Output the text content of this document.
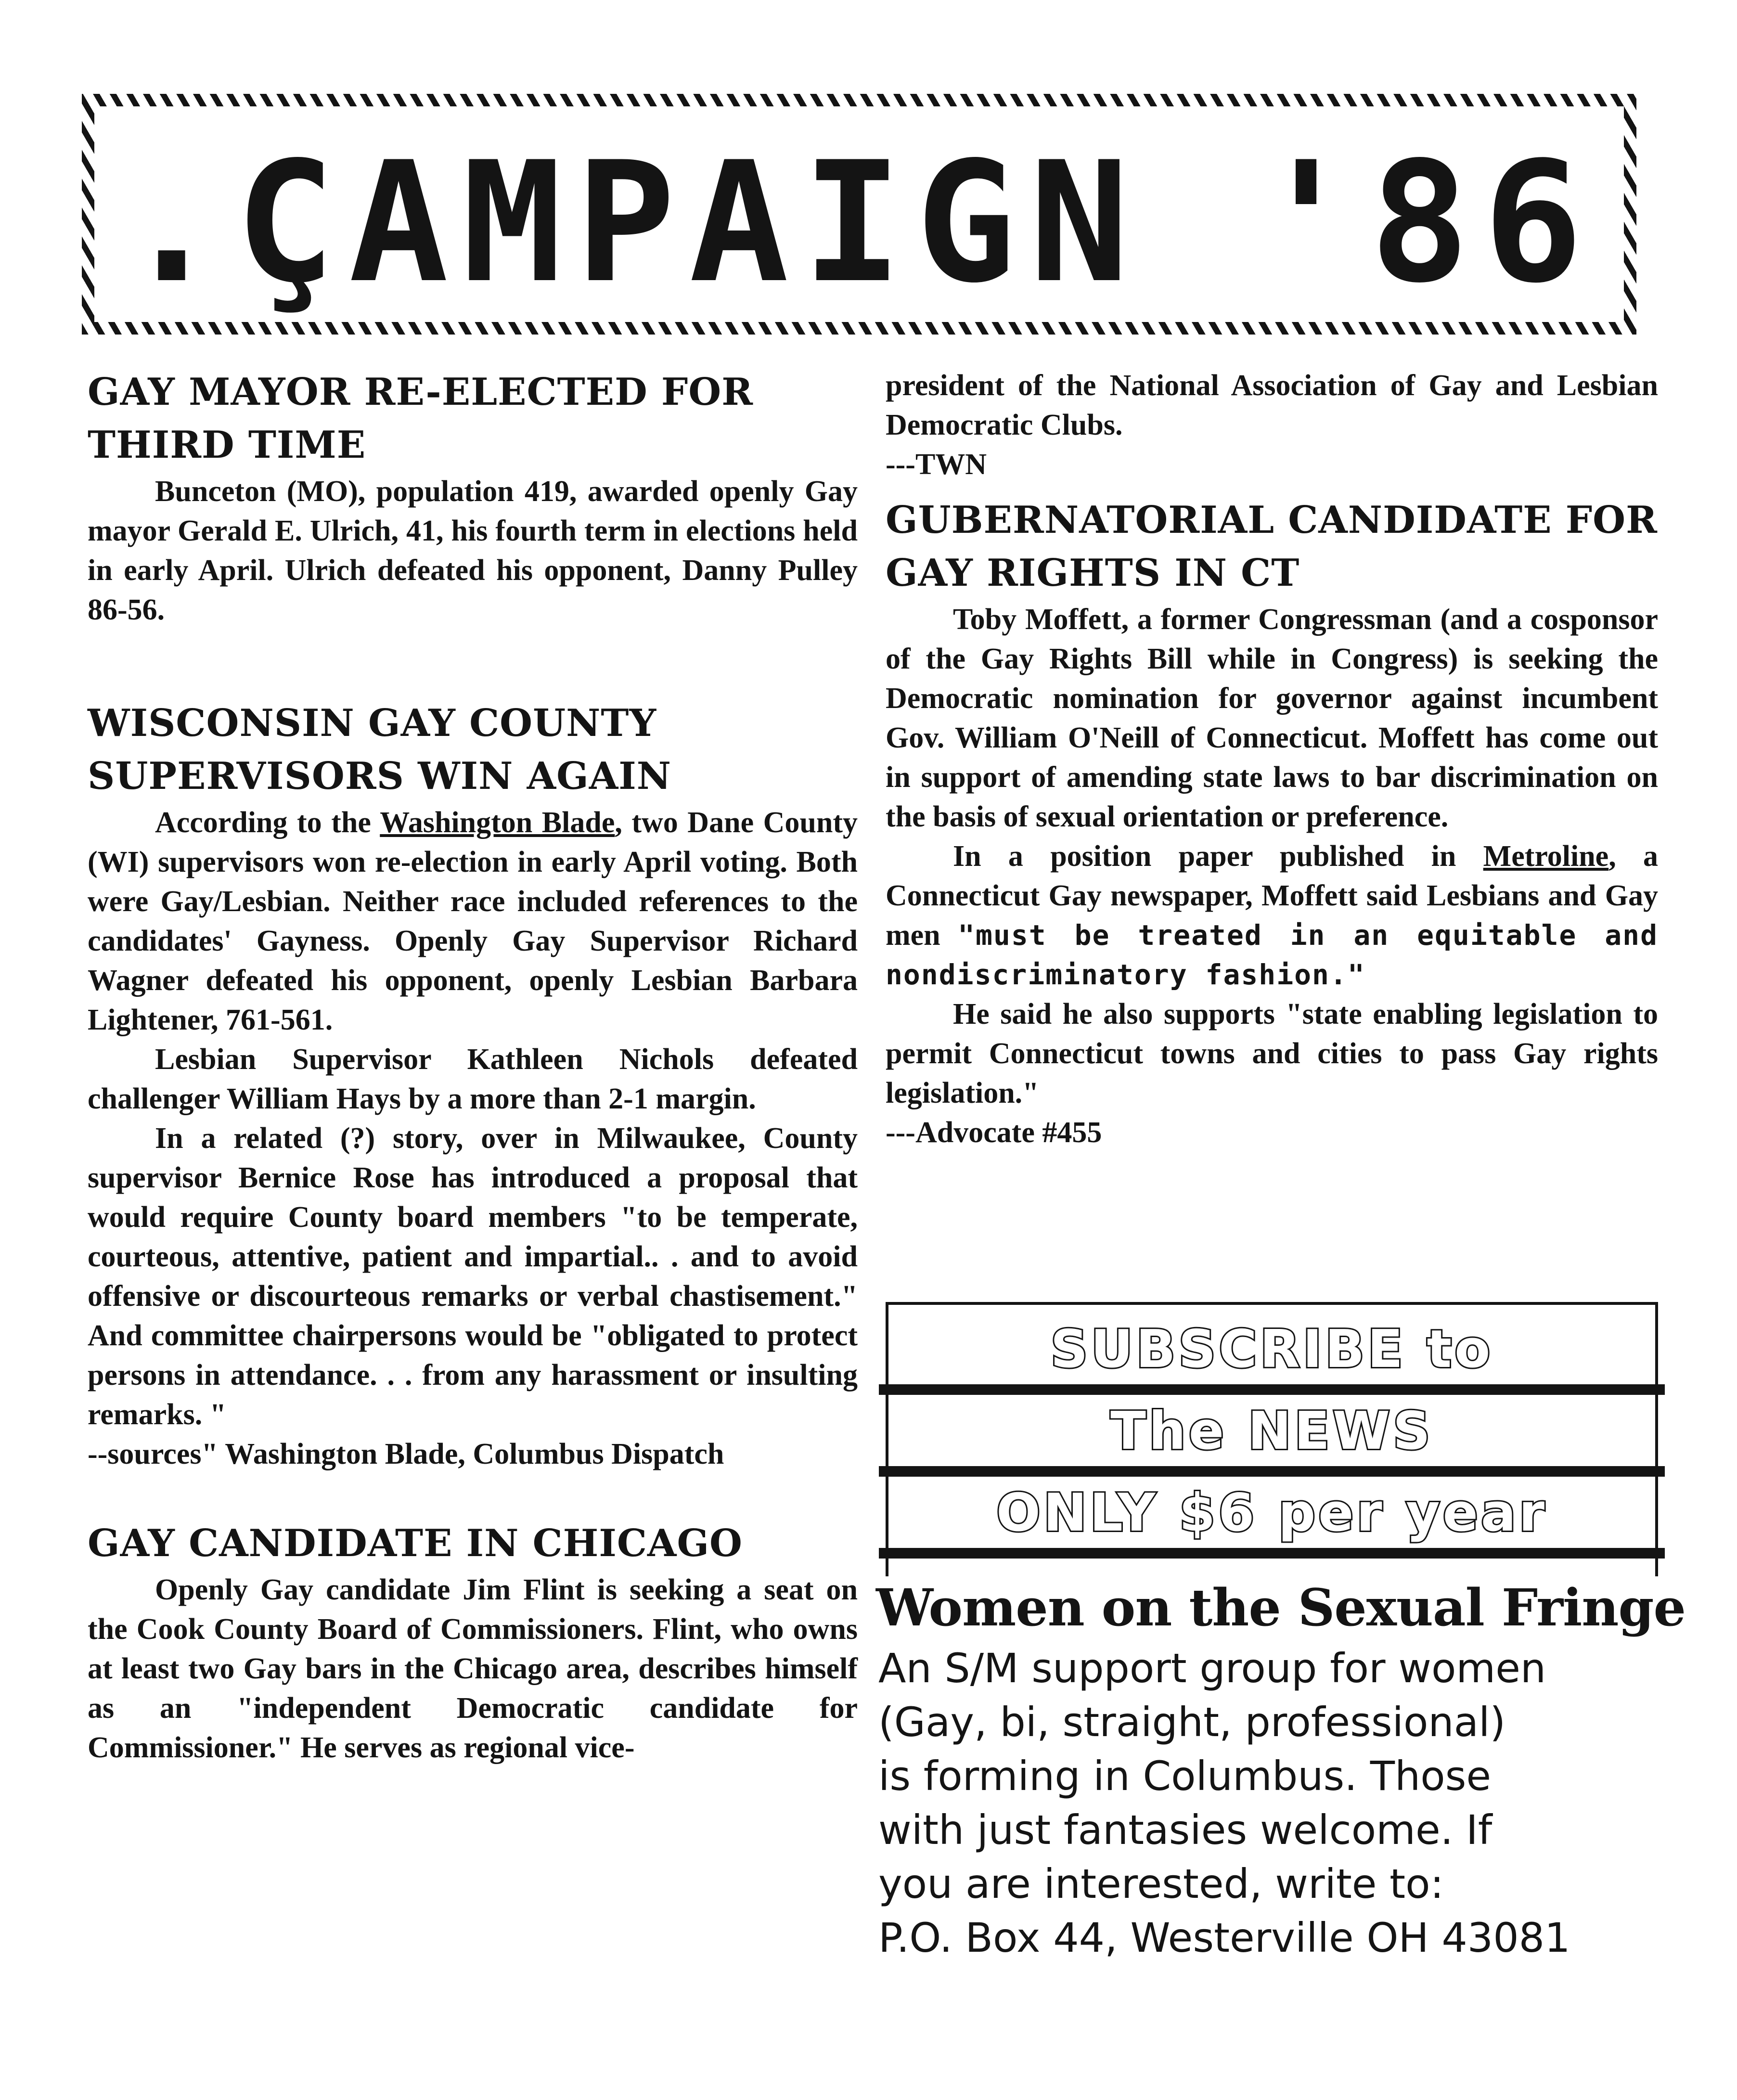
.ÇAMPAIGN '86
GAY MAYOR RE-ELECTED FOR THIRD TIME

Bunceton (MO), population 419, awarded openly Gay mayor Gerald E. Ulrich, 41, his fourth term in elections held in early April. Ulrich defeated his opponent, Danny Pulley 86-56.

WISCONSIN GAY COUNTY SUPERVISORS WIN AGAIN

According to the Washington Blade, two Dane County (WI) supervisors won re-election in early April voting. Both were Gay/Lesbian. Neither race included references to the candidates' Gayness. Openly Gay Supervisor Richard Wagner defeated his opponent, openly Lesbian Barbara Lightener, 761-561.

Lesbian Supervisor Kathleen Nichols defeated challenger William Hays by a more than 2-1 margin.

In a related (?) story, over in Milwaukee, County supervisor Bernice Rose has introduced a proposal that would require County board members "to be temperate, courteous, attentive, patient and impartial.. . and to avoid offensive or discourteous remarks or verbal chastisement." And committee chairpersons would be "obligated to protect persons in attendance. . . from any harassment or insulting remarks. "

--sources" Washington Blade, Columbus Dispatch

GAY CANDIDATE IN CHICAGO

Openly Gay candidate Jim Flint is seeking a seat on the Cook County Board of Commissioners. Flint, who owns at least two Gay bars in the Chicago area, describes himself as an "independent Democratic candidate for Commissioner." He serves as regional vice-

president of the National Association of Gay and Lesbian Democratic Clubs.

---TWN

GUBERNATORIAL CANDIDATE FOR GAY RIGHTS IN CT

Toby Moffett, a former Congressman (and a cosponsor of the Gay Rights Bill while in Congress) is seeking the Democratic nomination for governor against incumbent Gov. William O'Neill of Connecticut. Moffett has come out in support of amending state laws to bar discrimination on the basis of sexual orientation or preference.

In a position paper published in Metroline, a Connecticut Gay newspaper, Moffett said Lesbians and Gay men "must be treated in an equitable and nondiscriminatory fashion."

He said he also supports "state enabling legislation to permit Connecticut towns and cities to pass Gay rights legislation."

---Advocate #455

SUBSCRIBE to
The NEWS
ONLY $6 per year
Women on the Sexual Fringe
An S/M support group for women
(Gay, bi, straight, professional)
is forming in Columbus. Those
with just fantasies welcome. If
you are interested, write to:
P.O. Box 44, Westerville OH 43081
